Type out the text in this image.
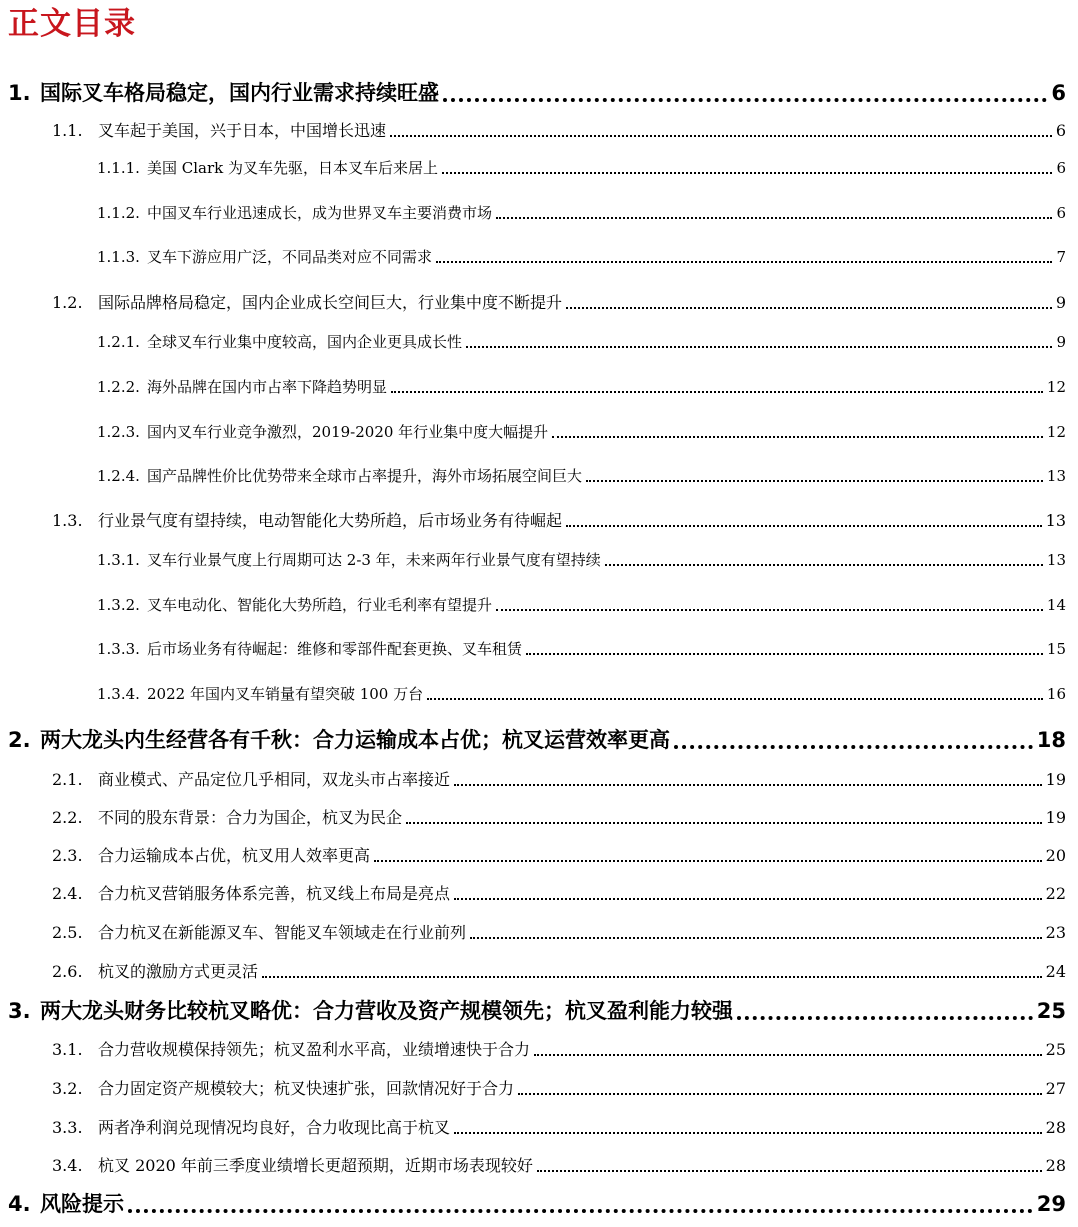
正文目录
1. 国际叉车格局稳定，国内行业需求持续旺盛	6
1.1. 叉车起于美国，兴于日本，中国增长迅速	6
1.1.1. 美国 Clark 为叉车先驱，日本叉车后来居上	6
1.1.2. 中国叉车行业迅速成长，成为世界叉车主要消费市场	6
1.1.3. 叉车下游应用广泛，不同品类对应不同需求	7
1.2. 国际品牌格局稳定，国内企业成长空间巨大，行业集中度不断提升	9
1.2.1. 全球叉车行业集中度较高，国内企业更具成长性	9
1.2.2. 海外品牌在国内市占率下降趋势明显	12
1.2.3. 国内叉车行业竞争激烈，2019-2020 年行业集中度大幅提升	12
1.2.4. 国产品牌性价比优势带来全球市占率提升，海外市场拓展空间巨大	13
1.3. 行业景气度有望持续，电动智能化大势所趋，后市场业务有待崛起	13
1.3.1. 叉车行业景气度上行周期可达 2-3 年，未来两年行业景气度有望持续	13
1.3.2. 叉车电动化、智能化大势所趋，行业毛利率有望提升	14
1.3.3. 后市场业务有待崛起：维修和零部件配套更换、叉车租赁	15
1.3.4. 2022 年国内叉车销量有望突破 100 万台	16
2. 两大龙头内生经营各有千秋：合力运输成本占优；杭叉运营效率更高	18
2.1. 商业模式、产品定位几乎相同，双龙头市占率接近	19
2.2. 不同的股东背景：合力为国企，杭叉为民企	19
2.3. 合力运输成本占优，杭叉用人效率更高	20
2.4. 合力杭叉营销服务体系完善，杭叉线上布局是亮点	22
2.5. 合力杭叉在新能源叉车、智能叉车领域走在行业前列	23
2.6. 杭叉的激励方式更灵活	24
3. 两大龙头财务比较杭叉略优：合力营收及资产规模领先；杭叉盈利能力较强	25
3.1. 合力营收规模保持领先；杭叉盈利水平高，业绩增速快于合力	25
3.2. 合力固定资产规模较大；杭叉快速扩张，回款情况好于合力	27
3.3. 两者净利润兑现情况均良好，合力收现比高于杭叉	28
3.4. 杭叉 2020 年前三季度业绩增长更超预期，近期市场表现较好	28
4. 风险提示	29
